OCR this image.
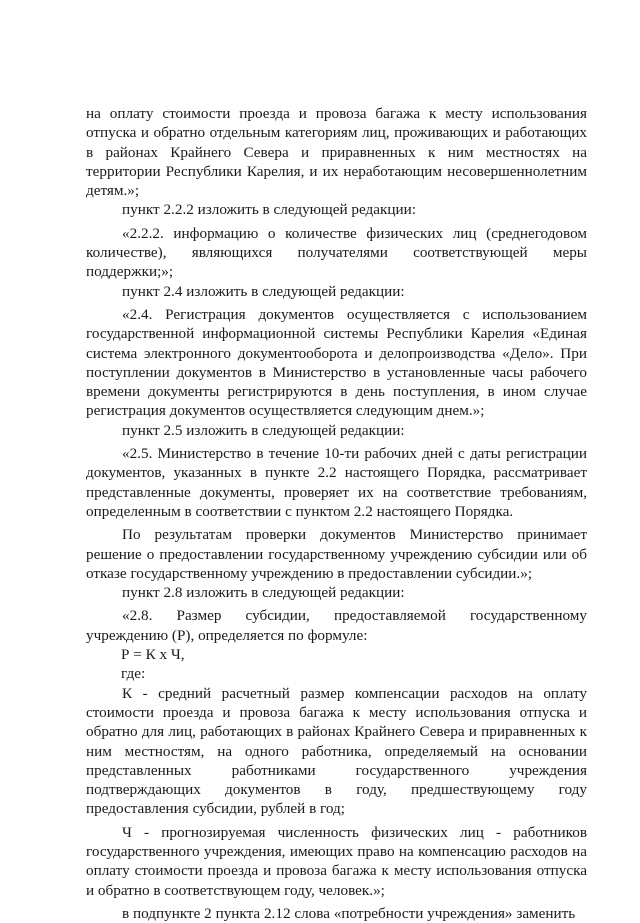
на оплату стоимости проезда и провоза багажа к месту использования отпуска и обратно отдельным категориям лиц, проживающих и работающих в районах Крайнего Севера и приравненных к ним местностях на территории Республики Карелия, и их неработающим несовершеннолетним детям.»;

пункт 2.2.2 изложить в следующей редакции:

«2.2.2. информацию о количестве физических лиц (среднегодовом количестве), являющихся получателями соответствующей меры поддержки;»;

пункт 2.4 изложить в следующей редакции:

«2.4. Регистрация документов осуществляется с использованием государственной информационной системы Республики Карелия «Единая система электронного документооборота и делопроизводства «Дело». При поступлении документов в Министерство в установленные часы рабочего времени документы регистрируются в день поступления, в ином случае регистрация документов осуществляется следующим днем.»;

пункт 2.5 изложить в следующей редакции:

«2.5. Министерство в течение 10-ти рабочих дней с даты регистрации документов, указанных в пункте 2.2 настоящего Порядка, рассматривает представленные документы, проверяет их на соответствие требованиям, определенным в соответствии с пунктом 2.2 настоящего Порядка.

По результатам проверки документов Министерство принимает решение о предоставлении государственному учреждению субсидии или об отказе государственному учреждению в предоставлении субсидии.»;

пункт 2.8 изложить в следующей редакции:

«2.8. Размер субсидии, предоставляемой государственному учреждению (Р), определяется по формуле:

Р = К х Ч,

где:

К - средний расчетный размер компенсации расходов на оплату стоимости проезда и провоза багажа к месту использования отпуска и обратно для лиц, работающих в районах Крайнего Севера и приравненных к ним местностям, на одного работника, определяемый на основании представленных работниками государственного учреждения подтверждающих документов в году, предшествующему году предоставления субсидии, рублей в год;

Ч - прогнозируемая численность физических лиц - работников государственного учреждения, имеющих право на компенсацию расходов на оплату стоимости проезда и провоза багажа к месту использования отпуска и обратно в соответствующем году, человек.»;

в подпункте 2 пункта 2.12 слова «потребности учреждения» заменить
